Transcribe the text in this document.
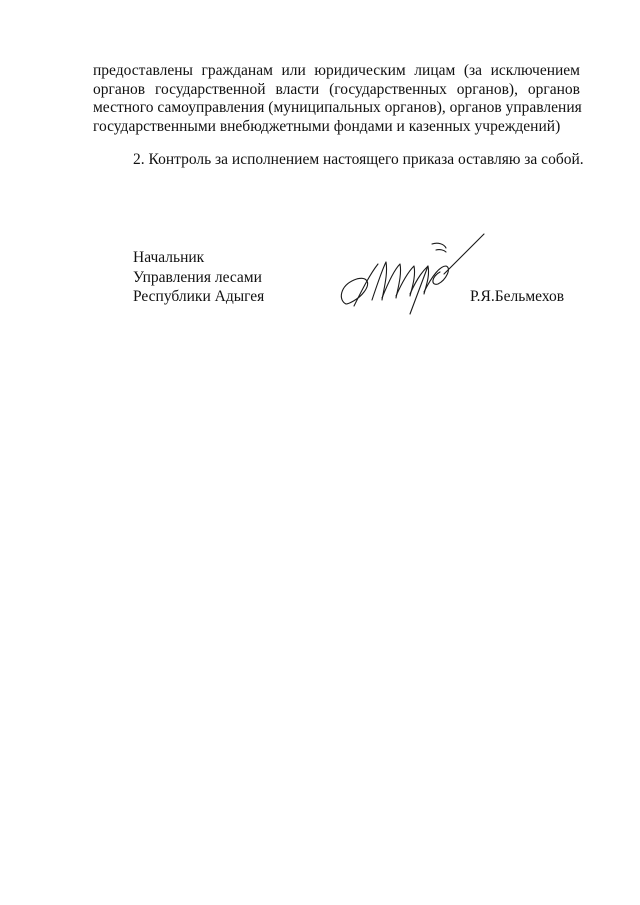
предоставлены гражданам или юридическим лицам (за исключением
органов государственной власти (государственных органов), органов
местного самоуправления (муниципальных органов), органов управления
государственными внебюджетными фондами и казенных учреждений)

2. Контроль за исполнением настоящего приказа оставляю за собой.

Начальник
Управления лесами
Республики Адыгея	Р.Я.Бельмехов
